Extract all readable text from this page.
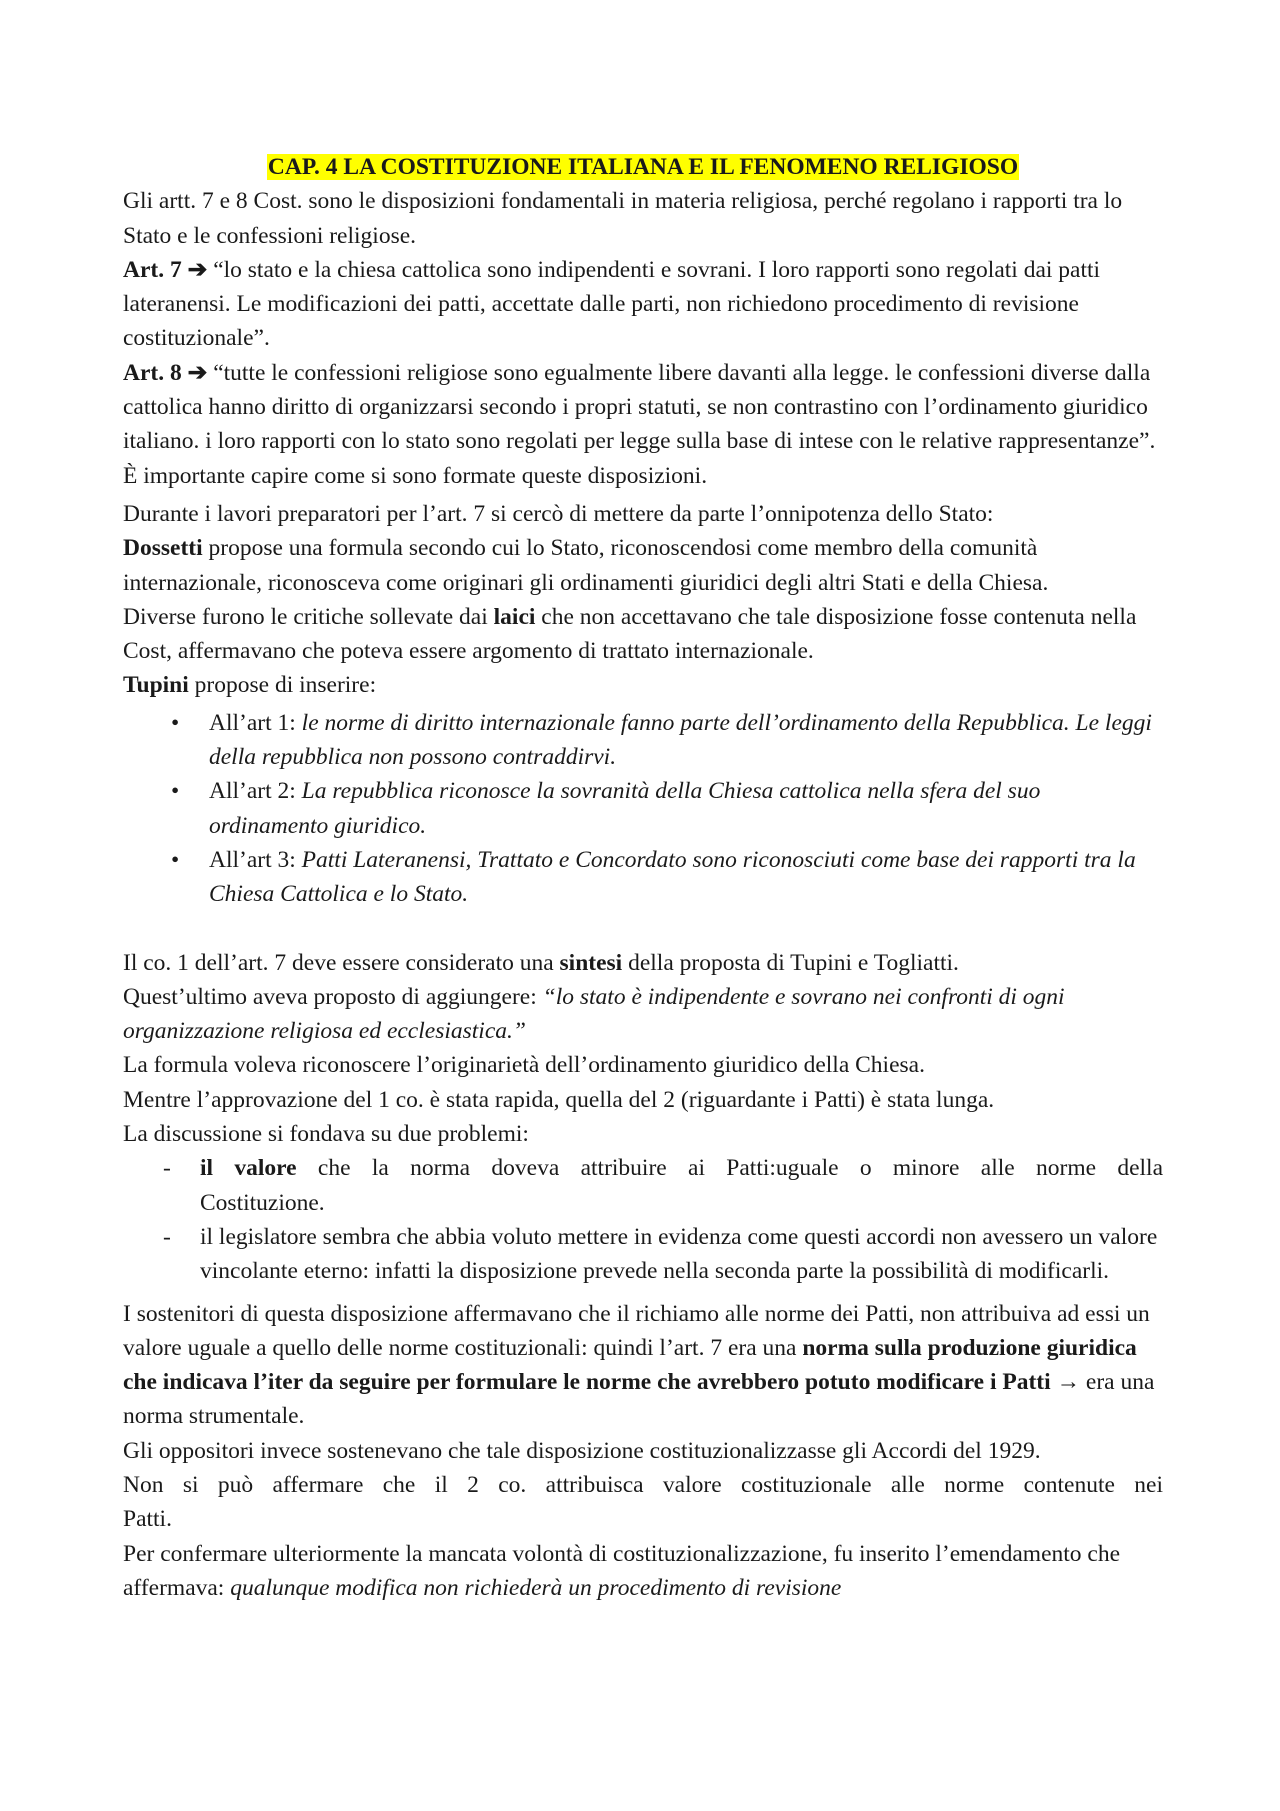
CAP. 4 LA COSTITUZIONE ITALIANA E IL FENOMENO RELIGIOSO

Gli artt. 7 e 8 Cost. sono le disposizioni fondamentali in materia religiosa, perché regolano i rapporti tra lo Stato e le confessioni religiose.

Art. 7 ➔ “lo stato e la chiesa cattolica sono indipendenti e sovrani. I loro rapporti sono regolati dai patti lateranensi. Le modificazioni dei patti, accettate dalle parti, non richiedono procedimento di revisione costituzionale”.

Art. 8 ➔ “tutte le confessioni religiose sono egualmente libere davanti alla legge. le confessioni diverse dalla cattolica hanno diritto di organizzarsi secondo i propri statuti, se non contrastino con l’ordinamento giuridico italiano. i loro rapporti con lo stato sono regolati per legge sulla base di intese con le relative rappresentanze”.

È importante capire come si sono formate queste disposizioni.

Durante i lavori preparatori per l’art. 7 si cercò di mettere da parte l’onnipotenza dello Stato:
Dossetti propose una formula secondo cui lo Stato, riconoscendosi come membro della comunità internazionale, riconosceva come originari gli ordinamenti giuridici degli altri Stati e della Chiesa.
Diverse furono le critiche sollevate dai laici che non accettavano che tale disposizione fosse contenuta nella Cost, affermavano che poteva essere argomento di trattato internazionale.
Tupini propose di inserire:

• All’art 1: le norme di diritto internazionale fanno parte dell’ordinamento della Repubblica. Le leggi della repubblica non possono contraddirvi.
• All’art 2: La repubblica riconosce la sovranità della Chiesa cattolica nella sfera del suo ordinamento giuridico.
• All’art 3: Patti Lateranensi, Trattato e Concordato sono riconosciuti come base dei rapporti tra la Chiesa Cattolica e lo Stato.

Il co. 1 dell’art. 7 deve essere considerato una sintesi della proposta di Tupini e Togliatti.
Quest’ultimo aveva proposto di aggiungere: “lo stato è indipendente e sovrano nei confronti di ogni organizzazione religiosa ed ecclesiastica.”
La formula voleva riconoscere l’originarietà dell’ordinamento giuridico della Chiesa.
Mentre l’approvazione del 1 co. è stata rapida, quella del 2 (riguardante i Patti) è stata lunga.
La discussione si fondava su due problemi:

- il valore che la norma doveva attribuire ai Patti:uguale o minore alle norme della
Costituzione.
- il legislatore sembra che abbia voluto mettere in evidenza come questi accordi non avessero un valore vincolante eterno: infatti la disposizione prevede nella seconda parte la possibilità di modificarli.

I sostenitori di questa disposizione affermavano che il richiamo alle norme dei Patti, non attribuiva ad essi un valore uguale a quello delle norme costituzionali: quindi l’art. 7 era una norma sulla produzione giuridica che indicava l’iter da seguire per formulare le norme che avrebbero potuto modificare i Patti → era una norma strumentale.

Gli oppositori invece sostenevano che tale disposizione costituzionalizzasse gli Accordi del 1929.

Non si può affermare che il 2 co. attribuisca valore costituzionale alle norme contenute nei
Patti.

Per confermare ulteriormente la mancata volontà di costituzionalizzazione, fu inserito l’emendamento che affermava: qualunque modifica non richiederà un procedimento di revisione
